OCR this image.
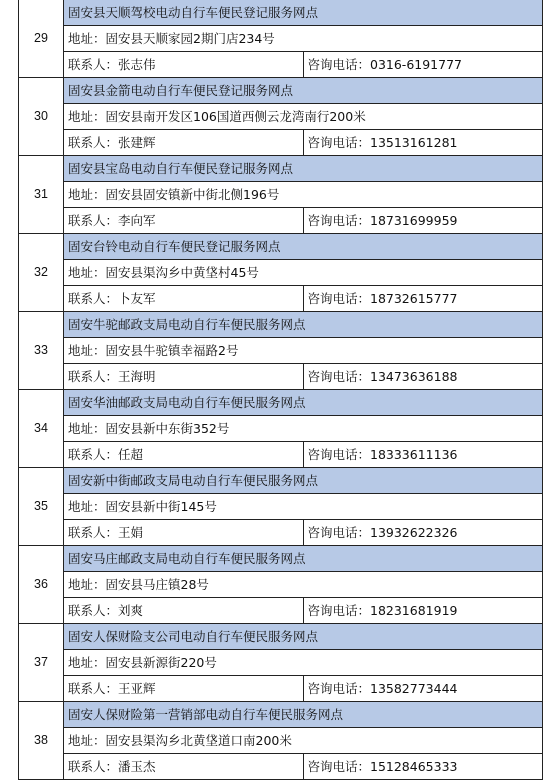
29	固安县天顺驾校电动自行车便民登记服务网点	
	地址：固安县天顺家园2期门店234号	
	联系人：张志伟	咨询电话：0316-6191777
30	固安县金箭电动自行车便民登记服务网点	
	地址：固安县南开发区106国道西侧云龙湾南行200米	
	联系人：张建辉	咨询电话：13513161281
31	固安县宝岛电动自行车便民登记服务网点	
	地址：固安县固安镇新中街北侧196号	
	联系人：李向军	咨询电话：18731699959
32	固安台铃电动自行车便民登记服务网点	
	地址：固安县渠沟乡中黄垡村45号	
	联系人：卜友军	咨询电话：18732615777
33	固安牛驼邮政支局电动自行车便民服务网点	
	地址：固安县牛驼镇幸福路2号	
	联系人：王海明	咨询电话：13473636188
34	固安华油邮政支局电动自行车便民服务网点	
	地址：固安县新中东街352号	
	联系人：任超	咨询电话：18333611136
35	固安新中街邮政支局电动自行车便民服务网点	
	地址：固安县新中街145号	
	联系人：王娟	咨询电话：13932622326
36	固安马庄邮政支局电动自行车便民服务网点	
	地址：固安县马庄镇28号	
	联系人：刘爽	咨询电话：18231681919
37	固安人保财险支公司电动自行车便民服务网点	
	地址：固安县新源街220号	
	联系人：王亚辉	咨询电话：13582773444
38	固安人保财险第一营销部电动自行车便民服务网点	
	地址：固安县渠沟乡北黄垡道口南200米	
	联系人：潘玉杰	咨询电话：15128465333
